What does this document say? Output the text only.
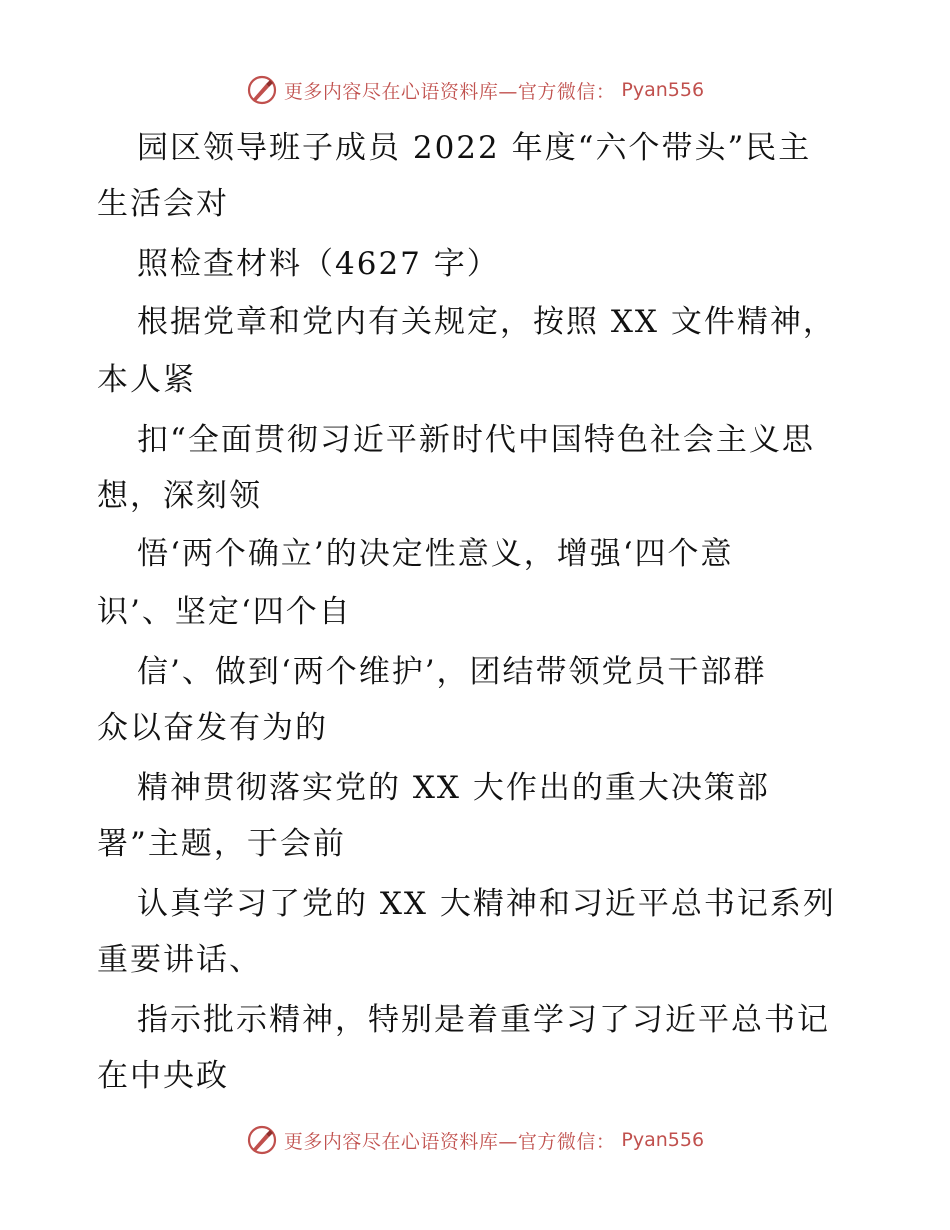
更多内容尽在心语资料库—官方微信： Pyan556
园区领导班子成员 2022 年度“六个带头”民主
生活会对
照检查材料（4627 字）
根据党章和党内有关规定，按照 XX 文件精神，
本人紧
扣“全面贯彻习近平新时代中国特色社会主义思
想，深刻领
悟‘两个确立’的决定性意义，增强‘四个意
识’、坚定‘四个自
信’、做到‘两个维护’，团结带领党员干部群
众以奋发有为的
精神贯彻落实党的 XX 大作出的重大决策部
署”主题，于会前
认真学习了党的 XX 大精神和习近平总书记系列
重要讲话、
指示批示精神，特别是着重学习了习近平总书记
在中央政
更多内容尽在心语资料库—官方微信： Pyan556
